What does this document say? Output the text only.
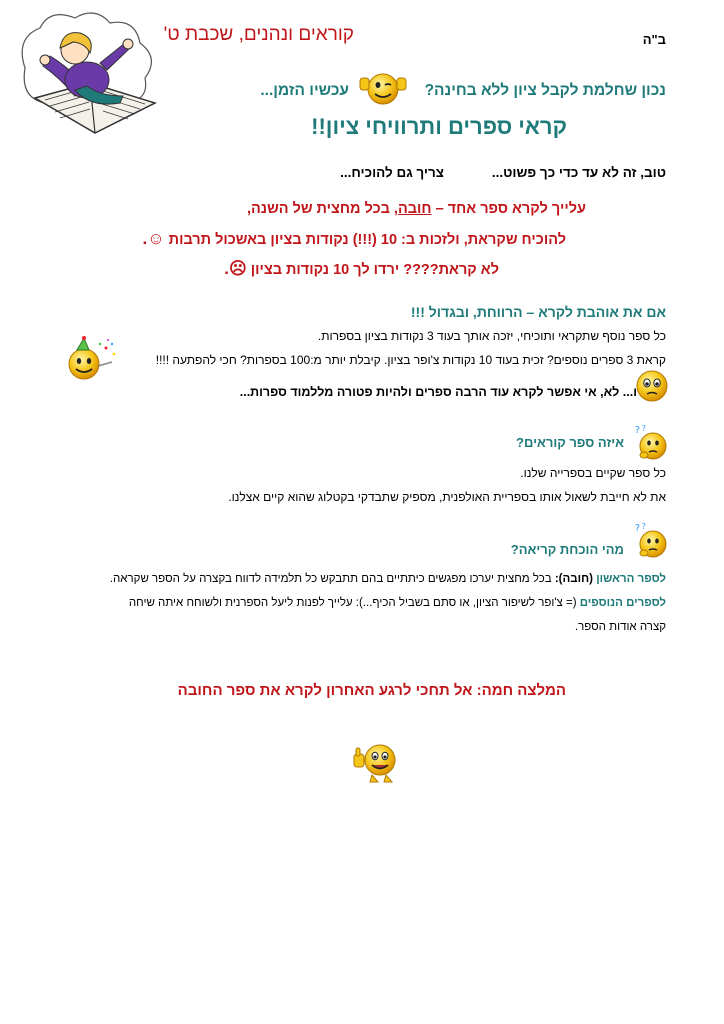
ב"ה
קוראים ונהנים, שכבת ט'
נכון שחלמת לקבל ציון ללא בחינה?
עכשיו הזמן...
קראי ספרים ותרוויחי ציון!!
טוב, זה לא עד כדי כך פשוט...
צריך גם להוכיח...
עלייך לקרא ספר אחד – חובה, בכל מחצית של השנה,
להוכיח שקראת, ולזכות ב: 10 (!!!) נקודות בציון באשכול תרבות ☺.
לא קראת???? ירדו לך 10 נקודות בציון ☹.
אם את אוהבת לקרא – הרווחת, ובגדול !!!
כל ספר נוסף שתקראי ותוכיחי, יזכה אותך בעוד 3 נקודות בציון בספרות.
קראת 3 ספרים נוספים? זכית בעוד 10 נקודות צ'ופר בציון. קיבלת יותר מ:100 בספרות? חכי להפתעה !!!!
ו... לא, אי אפשר לקרא עוד הרבה ספרים ולהיות פטורה מללמוד ספרות...
איזה ספר קוראים?
? ?
כל ספר שקיים בספרייה שלנו.
את לא חייבת לשאול אותו בספריית האולפנית, מספיק שתבדקי בקטלוג שהוא קיים אצלנו.
? ?
מהי הוכחת קריאה?
לספר הראשון (חובה): בכל מחצית יערכו מפגשים כיתתיים בהם תתבקש כל תלמידה לדווח בקצרה על הספר שקראה.
לספרים הנוספים (= צ'ופר לשיפור הציון, או סתם בשביל הכיף...): עלייך לפנות ליעל הספרנית ולשוחח איתה שיחה
קצרה אודות הספר.
המלצה חמה: אל תחכי לרגע האחרון לקרא את ספר החובה
